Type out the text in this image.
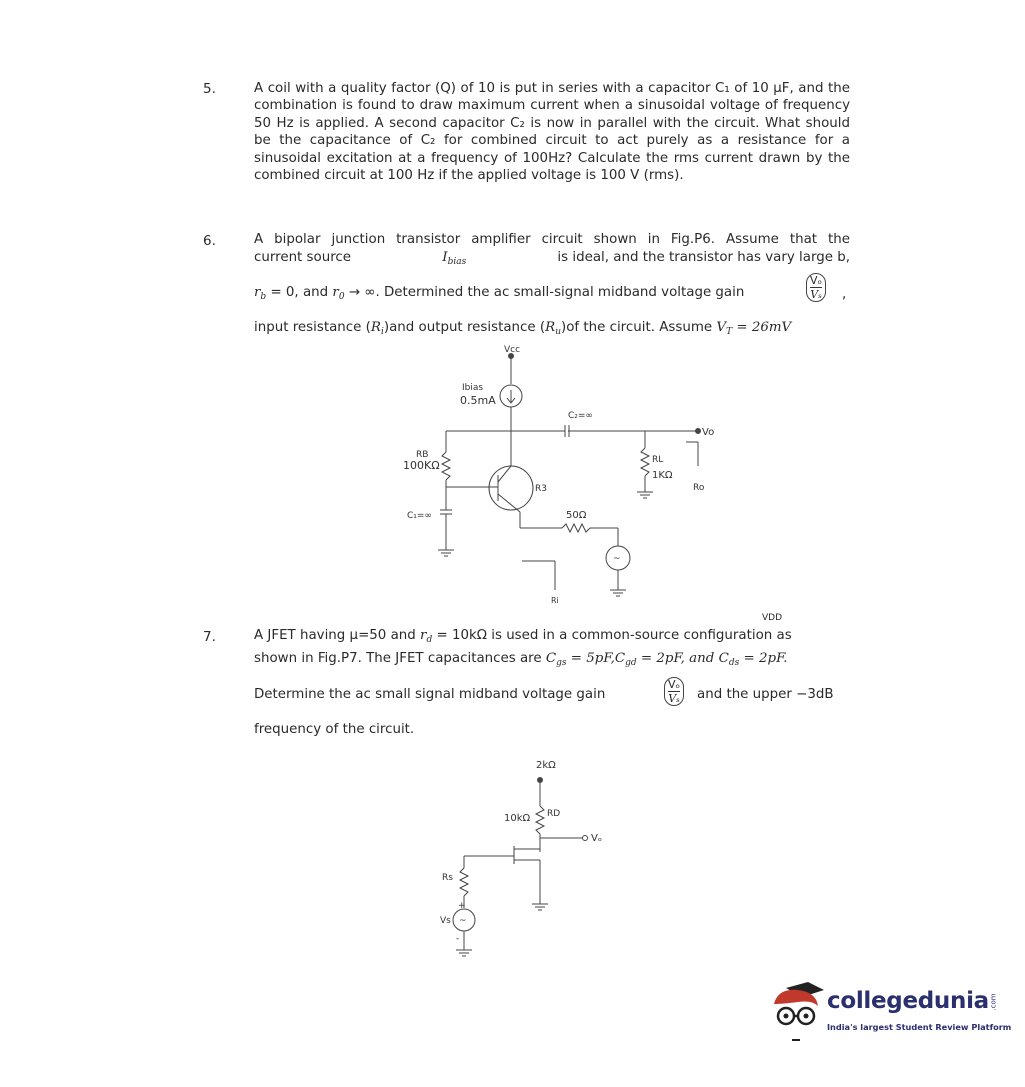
5.	A coil with a quality factor (Q) of 10 is put in series with a capacitor C₁ of 10 μF, and the combination is found to draw maximum current when a sinusoidal voltage of frequency 50 Hz is applied. A second capacitor C₂ is now in parallel with the circuit. What should be the capacitance of C₂ for combined circuit to act purely as a resistance for a sinusoidal excitation at a frequency of 100Hz? Calculate the rms current drawn by the combined circuit at 100 Hz if the applied voltage is 100 V (rms).
6.	A bipolar junction transistor amplifier circuit shown in Fig.P6. Assume that the
current source	$I_{bias}$	is ideal, and the transistor has vary large b,
$r_b = 0$, and $r_0$ → ∞. Determined the ac small-signal midband voltage gain	$\frac{\text{Vₒ}}{\text{Vₛ}}$ ,
input resistance $(R_i)and$ output resistance $(R_u)of$ the circuit. Assume $V_T = 26mV$
Vcc
Ibias
0.5mA
C₂=∞
Vo
RB
100KΩ	RL
1KΩ
Ro
R3
C₁=∞	50Ω
~
Ri
VDD
7.	A JFET having μ=50 and $r_d = 10k\Omega$ is used in a common-source configuration as
shown in Fig.P7. The JFET capacitances are $C_{gs} = 5pF,C_{gd} = 2pF$, and $C_{ds} = 2pF$.
Determine the ac small signal midband voltage gain	$\frac{\text{Vₒ}}{\text{Vₛ}}$ and the upper −3dB
frequency of the circuit.
2kΩ
10kΩ RD
Vₒ
Rs
+
Vs ~
-
collegedunia .com
India's largest Student Review Platform
